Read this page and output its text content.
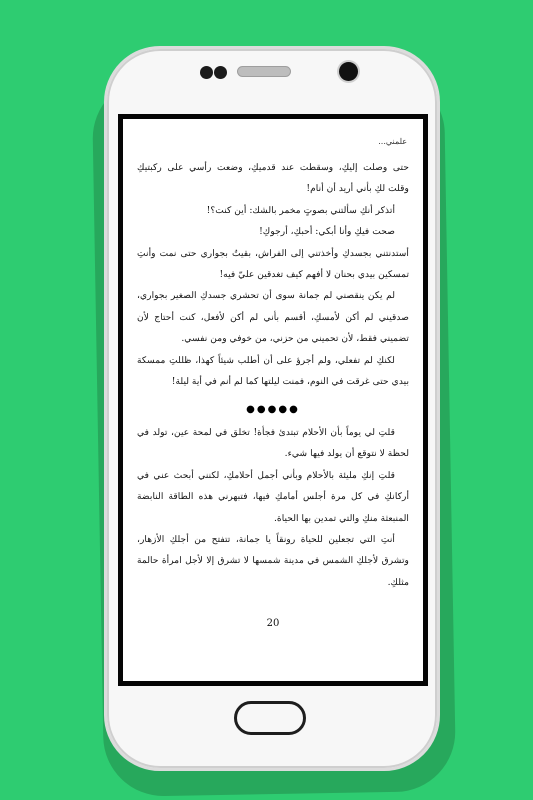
علمني...

حتى وصلت إليكِ، وسقطت عند قدميكِ، وضعت رأسي على ركبتيكِ وقلت لكِ بأني أريد أن أنام!

أتذكر أنكِ سألتني بصوتٍ مخمر بالشك: أين كنت؟!

صحت فيكِ وأنا أبكي: أحبكِ، أرجوكِ!

أستدنتني بجسدكِ وأخذتني إلى الفراش، بقيتُ بجواري حتى نمت وأنتِ تمسكين بيدي بحنان لا أفهم كيف تغدقين عليّ فيه!

لم يكن ينقصني لم جمانة سوى أن تحشري جسدكِ الصغير بجواري، صدقيني لم أكن لأمسكِ، أقسم بأني لم أكن لأفعل، كنت أحتاج لأن تضميني فقط، لأن تحميني من حزني، من خوفي ومن نفسي.

لكنكِ لم تفعلي، ولم أجرؤ على أن أطلب شيئاً كهذا، ظللتِ ممسكة بيدي حتى غرقت في النوم، فمنت ليلتها كما لم أنم في أية ليلة!

●●●●●

قلتِ لي يوماً بأن الأحلام تبتدئ فجأة! تخلق في لمحة عين، تولد في لحظة لا نتوقع أن يولد فيها شيء.

قلتِ إنكِ مليئة بالأحلام وبأني أجمل أحلامكِ، لكنني أبحث عني في أركانكِ في كل مرة أجلس أمامكِ فيها، فتبهرني هذه الطاقة النابضة المنبعثة منكِ والتي تمدين بها الحياة.

أنتِ التي تجعلين للحياة رونقاً يا جمانة، تتفتح من أجلكِ الأزهار، وتشرق لأجلكِ الشمس في مدينة شمسها لا تشرق إلا لأجل امرأة حالمة مثلكِ.

20
